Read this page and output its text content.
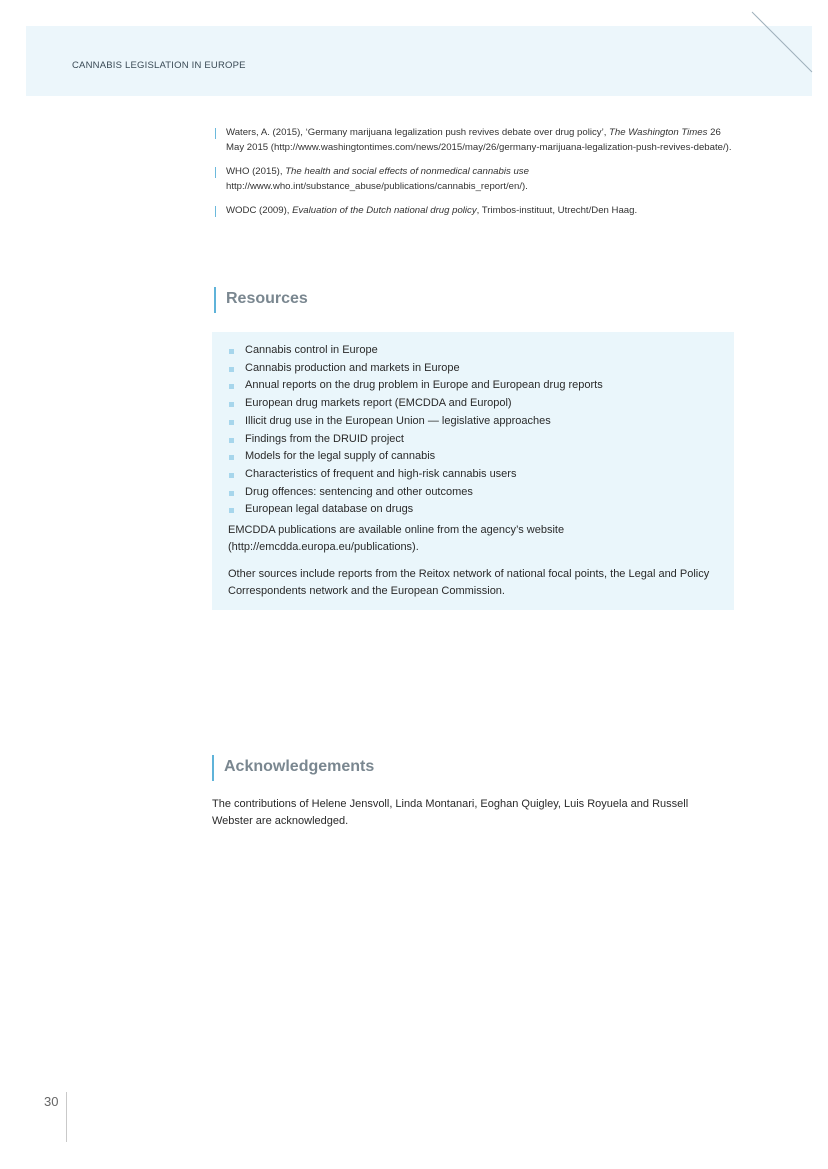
CANNABIS LEGISLATION IN EUROPE
Waters, A. (2015), ‘Germany marijuana legalization push revives debate over drug policy’, The Washington Times 26 May 2015 (http://www.washingtontimes.com/news/2015/may/26/germany-marijuana-legalization-push-revives-debate/).
WHO (2015), The health and social effects of nonmedical cannabis use http://www.who.int/substance_abuse/publications/cannabis_report/en/).
WODC (2009), Evaluation of the Dutch national drug policy, Trimbos-instituut, Utrecht/Den Haag.
Resources
Cannabis control in Europe
Cannabis production and markets in Europe
Annual reports on the drug problem in Europe and European drug reports
European drug markets report (EMCDDA and Europol)
Illicit drug use in the European Union — legislative approaches
Findings from the DRUID project
Models for the legal supply of cannabis
Characteristics of frequent and high-risk cannabis users
Drug offences: sentencing and other outcomes
European legal database on drugs
EMCDDA publications are available online from the agency’s website (http://emcdda.europa.eu/publications).
Other sources include reports from the Reitox network of national focal points, the Legal and Policy Correspondents network and the European Commission.
Acknowledgements
The contributions of Helene Jensvoll, Linda Montanari, Eoghan Quigley, Luis Royuela and Russell Webster are acknowledged.
30
